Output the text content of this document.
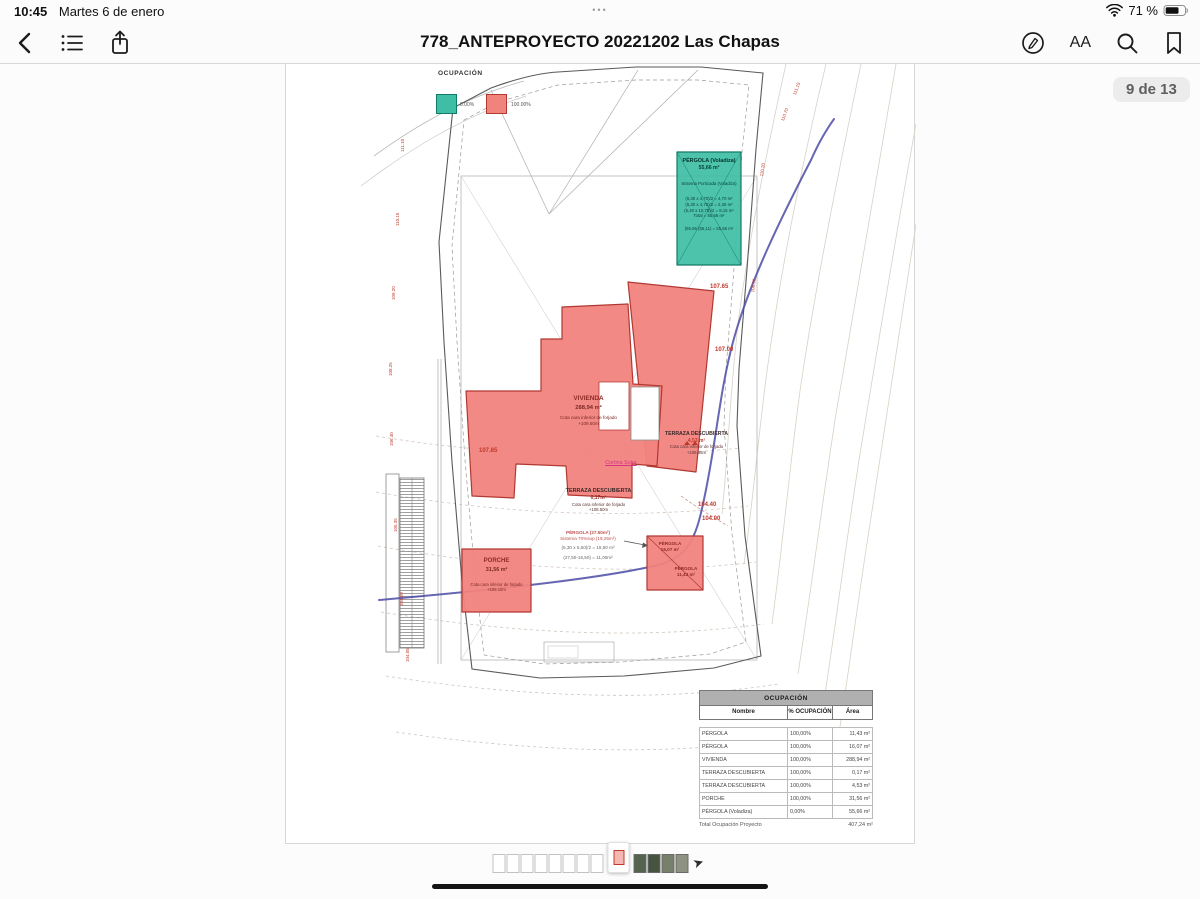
10:45 Martes 6 de enero	•••	71 %
778_ANTEPROYECTO 20221202 Las Chapas	AA
9 de 13
OCUPACIÓN
0.00%	100.00%
PÉRGOLA (Voladiza)
55,66 m²
Sistema Porticada (Voladiza)
(5,30 x 4,70)/2 = 4,70 m²
(5,30 x 4,70)/2 = 2,35 m²
(5,40 x 10,75)/2 = 8,15 m²
Total = 55,66 m²
(55,66 (55,11) = 55,56 m²
VIVIENDA
288,94 m²
Cota cara inferior de forjado
+109.50m
Cortina Solar
TERRAZA DESCUBIERTA
4,53 m²
Cota cara inferior de forjado
+106.95m
TERRAZA DESCUBIERTA
0,17m²
Cota cara inferior de forjado
+108.50m
PÉRGOLA (27.50m²)
Sistema 70%sup (19,25m²)
(5,30 x 5,50)/2 = 16,50 m²
(27,50-16,50) = 11,00m²
PORCHE
31,56 m²
Cota cara inferior de forjado
+105.10m
PÉRGOLA
16,07 m²
PÉRGOLA
11,43 m²
107.65
107.00
104.40
104.00
107.85
111.10
110.15
109.20
108.25
106.40
105.35
104.50
104.05
111.15
110.70
110.20
108.90
OCUPACIÓN
Nombre	% OCUPACIÓN	Área
PÉRGOLA	100,00%	11,43 m²
PÉRGOLA	100,00%	16,07 m²
VIVIENDA	100,00%	288,94 m²
TERRAZA DESCUBIERTA	100,00%	0,17 m²
TERRAZA DESCUBIERTA	100,00%	4,53 m²
PORCHE	100,00%	31,56 m²
PÉRGOLA (Voladiza)	0,00%	55,66 m²
Total Ocupación Proyecto	407,24 m²
➤
